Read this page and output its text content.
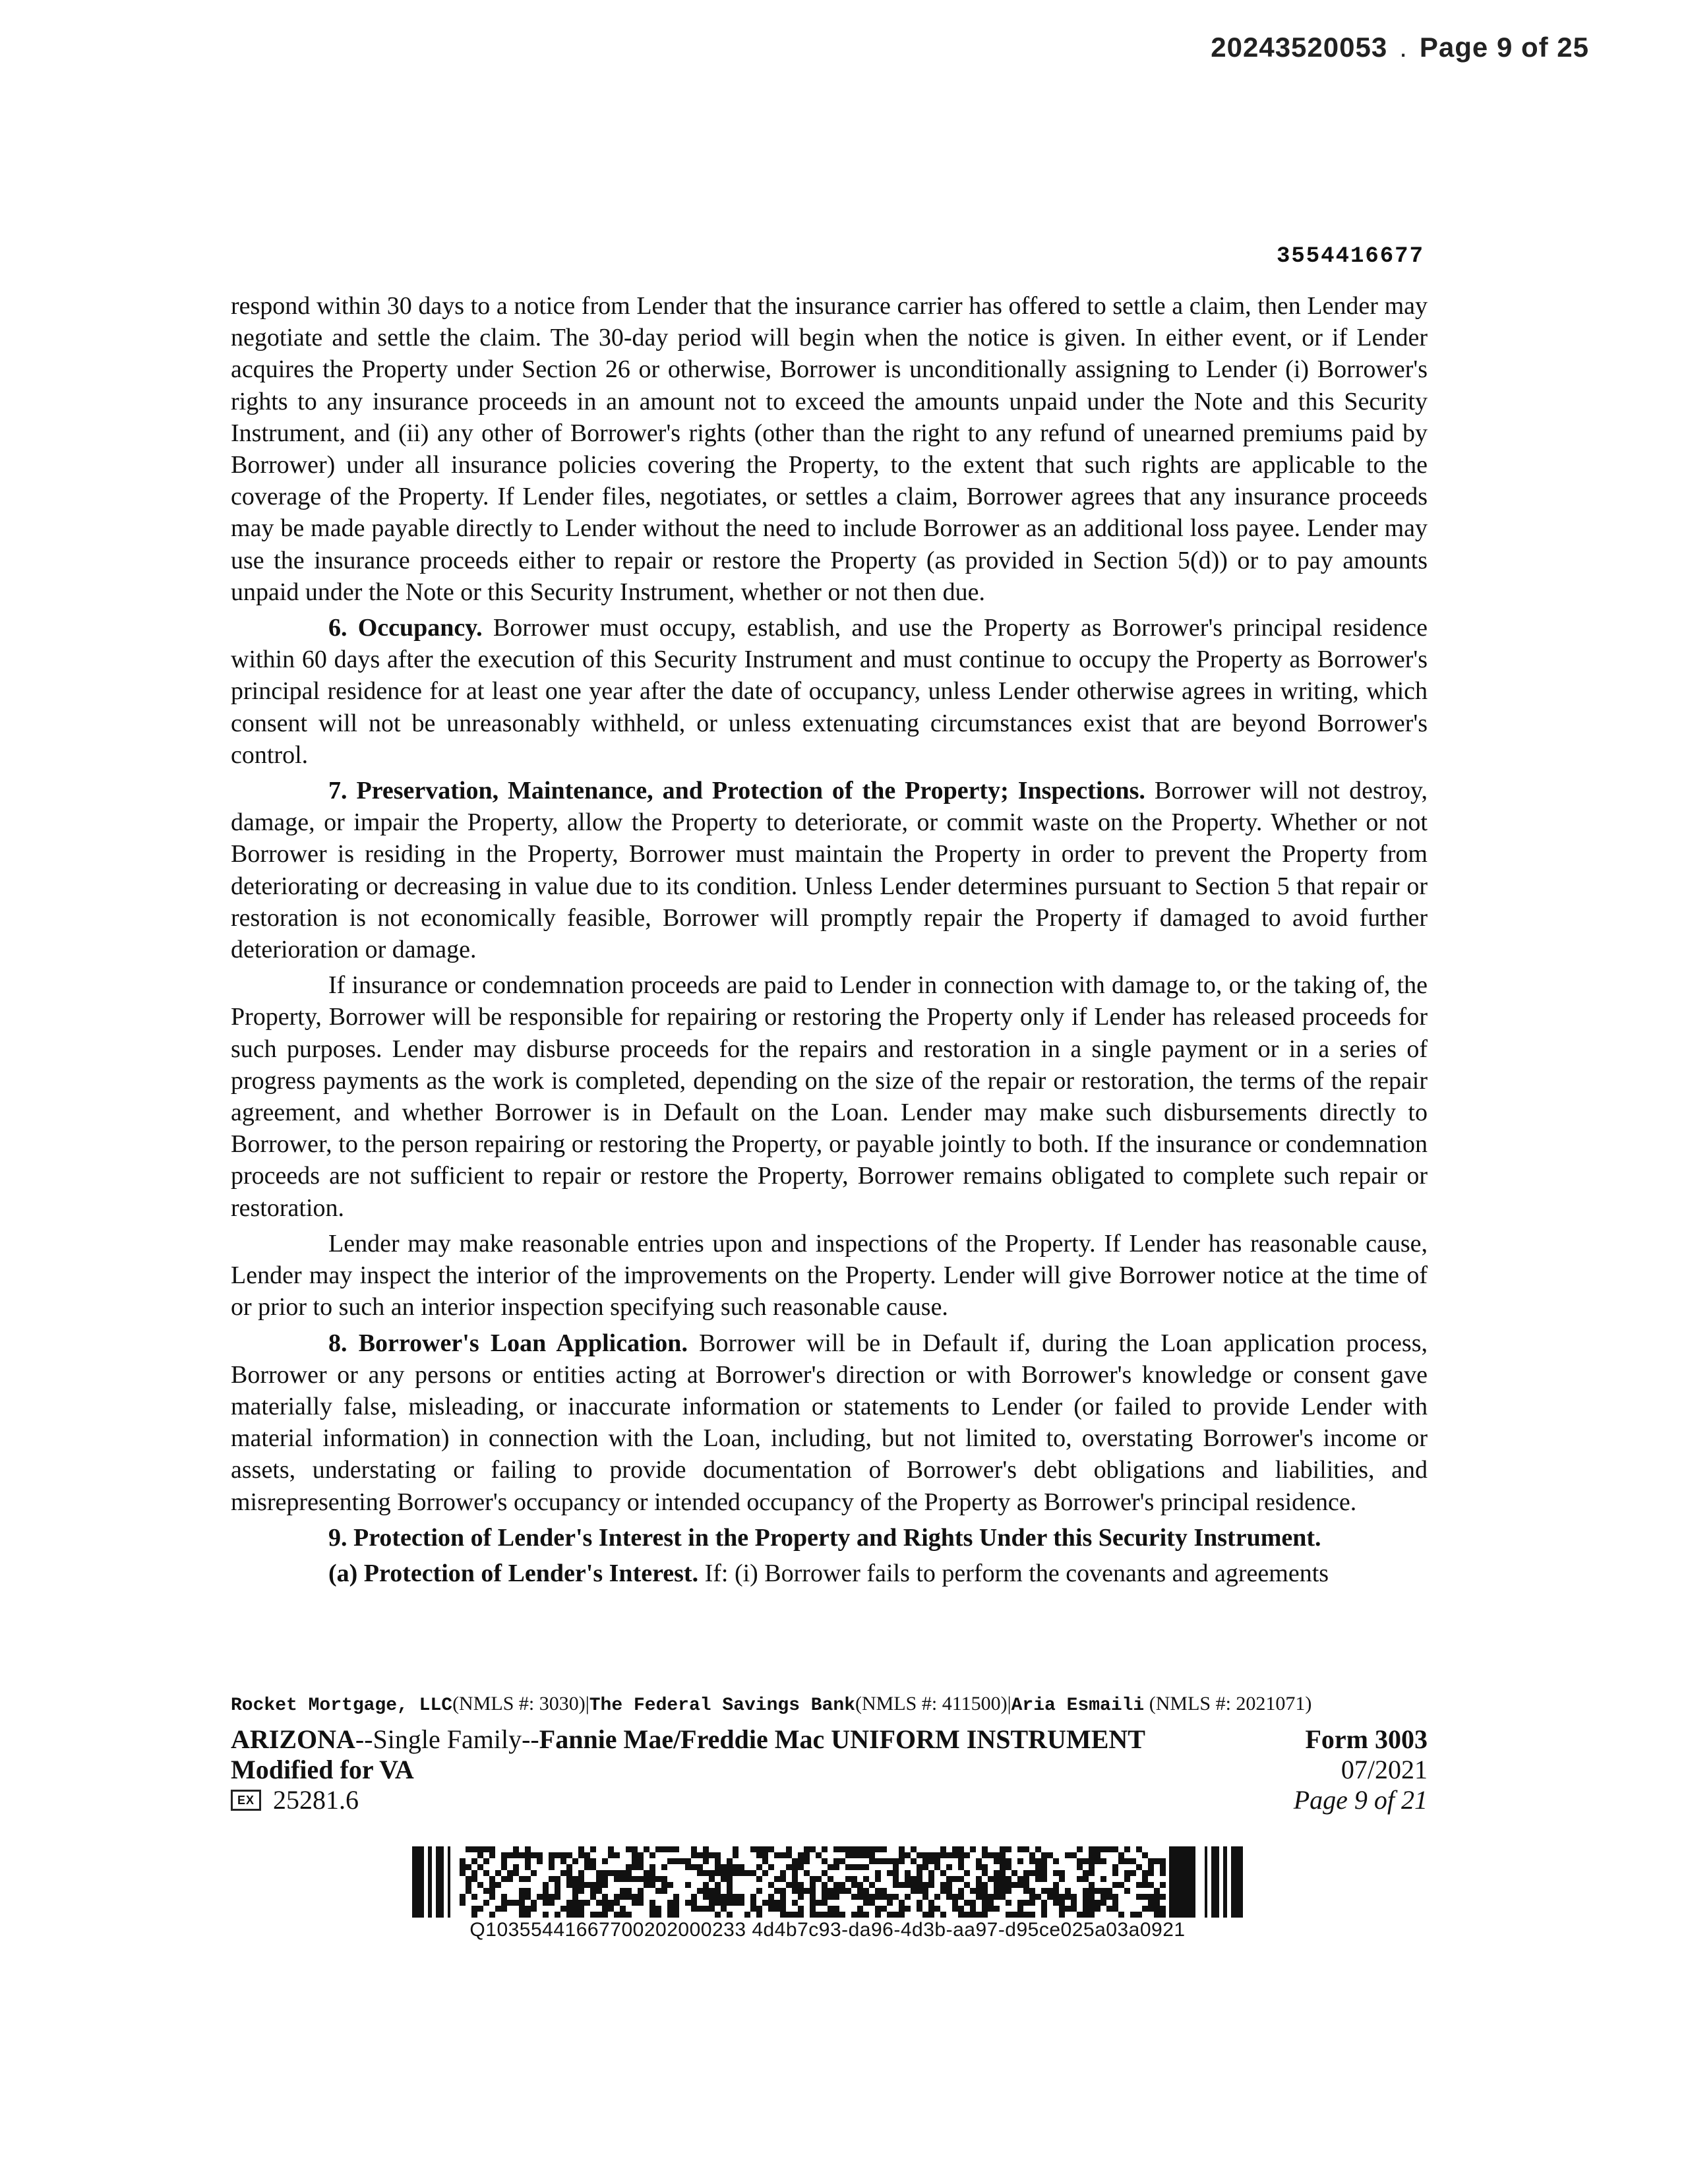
20243520053 . Page 9 of 25
3554416677

respond within 30 days to a notice from Lender that the insurance carrier has offered to settle a claim, then Lender may negotiate and settle the claim. The 30-day period will begin when the notice is given. In either event, or if Lender acquires the Property under Section 26 or otherwise, Borrower is unconditionally assigning to Lender (i) Borrower's rights to any insurance proceeds in an amount not to exceed the amounts unpaid under the Note and this Security Instrument, and (ii) any other of Borrower's rights (other than the right to any refund of unearned premiums paid by Borrower) under all insurance policies covering the Property, to the extent that such rights are applicable to the coverage of the Property. If Lender files, negotiates, or settles a claim, Borrower agrees that any insurance proceeds may be made payable directly to Lender without the need to include Borrower as an additional loss payee. Lender may use the insurance proceeds either to repair or restore the Property (as provided in Section 5(d)) or to pay amounts unpaid under the Note or this Security Instrument, whether or not then due.

6. Occupancy. Borrower must occupy, establish, and use the Property as Borrower's principal residence within 60 days after the execution of this Security Instrument and must continue to occupy the Property as Borrower's principal residence for at least one year after the date of occupancy, unless Lender otherwise agrees in writing, which consent will not be unreasonably withheld, or unless extenuating circumstances exist that are beyond Borrower's control.

7. Preservation, Maintenance, and Protection of the Property; Inspections. Borrower will not destroy, damage, or impair the Property, allow the Property to deteriorate, or commit waste on the Property. Whether or not Borrower is residing in the Property, Borrower must maintain the Property in order to prevent the Property from deteriorating or decreasing in value due to its condition. Unless Lender determines pursuant to Section 5 that repair or restoration is not economically feasible, Borrower will promptly repair the Property if damaged to avoid further deterioration or damage.

If insurance or condemnation proceeds are paid to Lender in connection with damage to, or the taking of, the Property, Borrower will be responsible for repairing or restoring the Property only if Lender has released proceeds for such purposes. Lender may disburse proceeds for the repairs and restoration in a single payment or in a series of progress payments as the work is completed, depending on the size of the repair or restoration, the terms of the repair agreement, and whether Borrower is in Default on the Loan. Lender may make such disbursements directly to Borrower, to the person repairing or restoring the Property, or payable jointly to both. If the insurance or condemnation proceeds are not sufficient to repair or restore the Property, Borrower remains obligated to complete such repair or restoration.

Lender may make reasonable entries upon and inspections of the Property. If Lender has reasonable cause, Lender may inspect the interior of the improvements on the Property. Lender will give Borrower notice at the time of or prior to such an interior inspection specifying such reasonable cause.

8. Borrower's Loan Application. Borrower will be in Default if, during the Loan application process, Borrower or any persons or entities acting at Borrower's direction or with Borrower's knowledge or consent gave materially false, misleading, or inaccurate information or statements to Lender (or failed to provide Lender with material information) in connection with the Loan, including, but not limited to, overstating Borrower's income or assets, understating or failing to provide documentation of Borrower's debt obligations and liabilities, and misrepresenting Borrower's occupancy or intended occupancy of the Property as Borrower's principal residence.

9. Protection of Lender's Interest in the Property and Rights Under this Security Instrument.

(a) Protection of Lender's Interest. If: (i) Borrower fails to perform the covenants and agreements

Rocket Mortgage, LLC(NMLS #: 3030)|The Federal Savings Bank(NMLS #: 411500)|Aria Esmaili (NMLS #: 2021071)
ARIZONA--Single Family--Fannie Mae/Freddie Mac UNIFORM INSTRUMENT
Modified for VA
EX 25281.6
Form 3003
07/2021
Page 9 of 21
Q10355441667700202000233 4d4b7c93-da96-4d3b-aa97-d95ce025a03a0921
